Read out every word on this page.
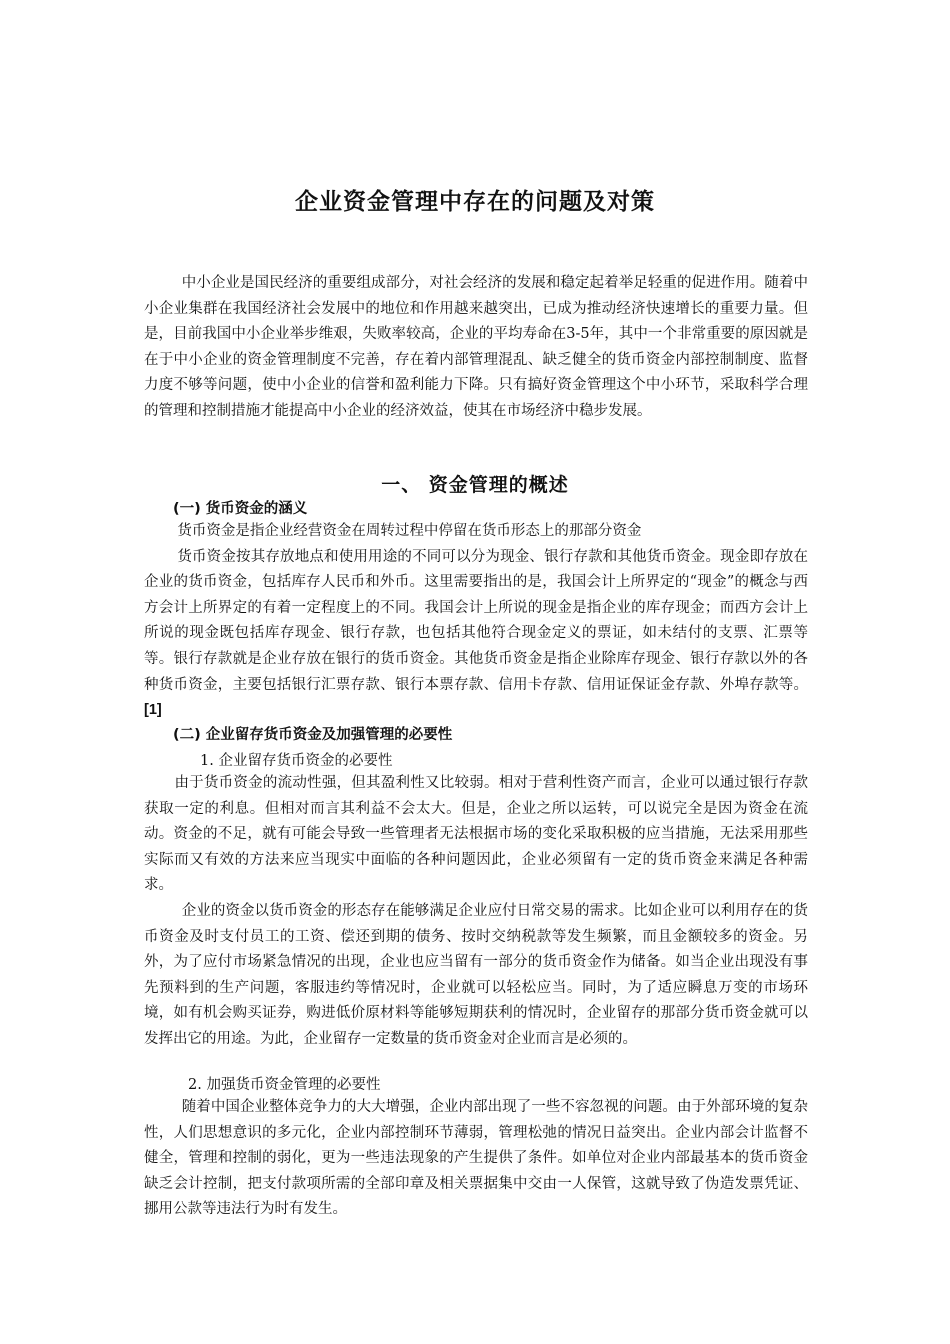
企业资金管理中存在的问题及对策

中小企业是国民经济的重要组成部分，对社会经济的发展和稳定起着举足轻重的促进作用。随着中小企业集群在我国经济社会发展中的地位和作用越来越突出，已成为推动经济快速增长的重要力量。但是，目前我国中小企业举步维艰，失败率较高，企业的平均寿命在3-5年，其中一个非常重要的原因就是在于中小企业的资金管理制度不完善，存在着内部管理混乱、缺乏健全的货币资金内部控制制度、监督力度不够等问题，使中小企业的信誉和盈利能力下降。只有搞好资金管理这个中小环节，采取科学合理的管理和控制措施才能提高中小企业的经济效益，使其在市场经济中稳步发展。

一、 资金管理的概述
(一) 货币资金的涵义

货币资金是指企业经营资金在周转过程中停留在货币形态上的那部分资金

货币资金按其存放地点和使用用途的不同可以分为现金、银行存款和其他货币资金。现金即存放在企业的货币资金，包括库存人民币和外币。这里需要指出的是，我国会计上所界定的“现金”的概念与西方会计上所界定的有着一定程度上的不同。我国会计上所说的现金是指企业的库存现金；而西方会计上所说的现金既包括库存现金、银行存款，也包括其他符合现金定义的票证，如未结付的支票、汇票等等。银行存款就是企业存放在银行的货币资金。其他货币资金是指企业除库存现金、银行存款以外的各种货币资金，主要包括银行汇票存款、银行本票存款、信用卡存款、信用证保证金存款、外埠存款等。[1]

(二) 企业留存货币资金及加强管理的必要性
1. 企业留存货币资金的必要性

由于货币资金的流动性强，但其盈利性又比较弱。相对于营利性资产而言，企业可以通过银行存款获取一定的利息。但相对而言其利益不会太大。但是，企业之所以运转，可以说完全是因为资金在流动。资金的不足，就有可能会导致一些管理者无法根据市场的变化采取积极的应当措施，无法采用那些实际而又有效的方法来应当现实中面临的各种问题因此，企业必须留有一定的货币资金来满足各种需求。

企业的资金以货币资金的形态存在能够满足企业应付日常交易的需求。比如企业可以利用存在的货币资金及时支付员工的工资、偿还到期的债务、按时交纳税款等发生频繁，而且金额较多的资金。另外，为了应付市场紧急情况的出现，企业也应当留有一部分的货币资金作为储备。如当企业出现没有事先预料到的生产问题，客服违约等情况时，企业就可以轻松应当。同时，为了适应瞬息万变的市场环境，如有机会购买证券，购进低价原材料等能够短期获利的情况时，企业留存的那部分货币资金就可以发挥出它的用途。为此，企业留存一定数量的货币资金对企业而言是必须的。

2. 加强货币资金管理的必要性

随着中国企业整体竞争力的大大增强，企业内部出现了一些不容忽视的问题。由于外部环境的复杂性，人们思想意识的多元化，企业内部控制环节薄弱，管理松弛的情况日益突出。企业内部会计监督不健全，管理和控制的弱化，更为一些违法现象的产生提供了条件。如单位对企业内部最基本的货币资金缺乏会计控制，把支付款项所需的全部印章及相关票据集中交由一人保管，这就导致了伪造发票凭证、挪用公款等违法行为时有发生。
